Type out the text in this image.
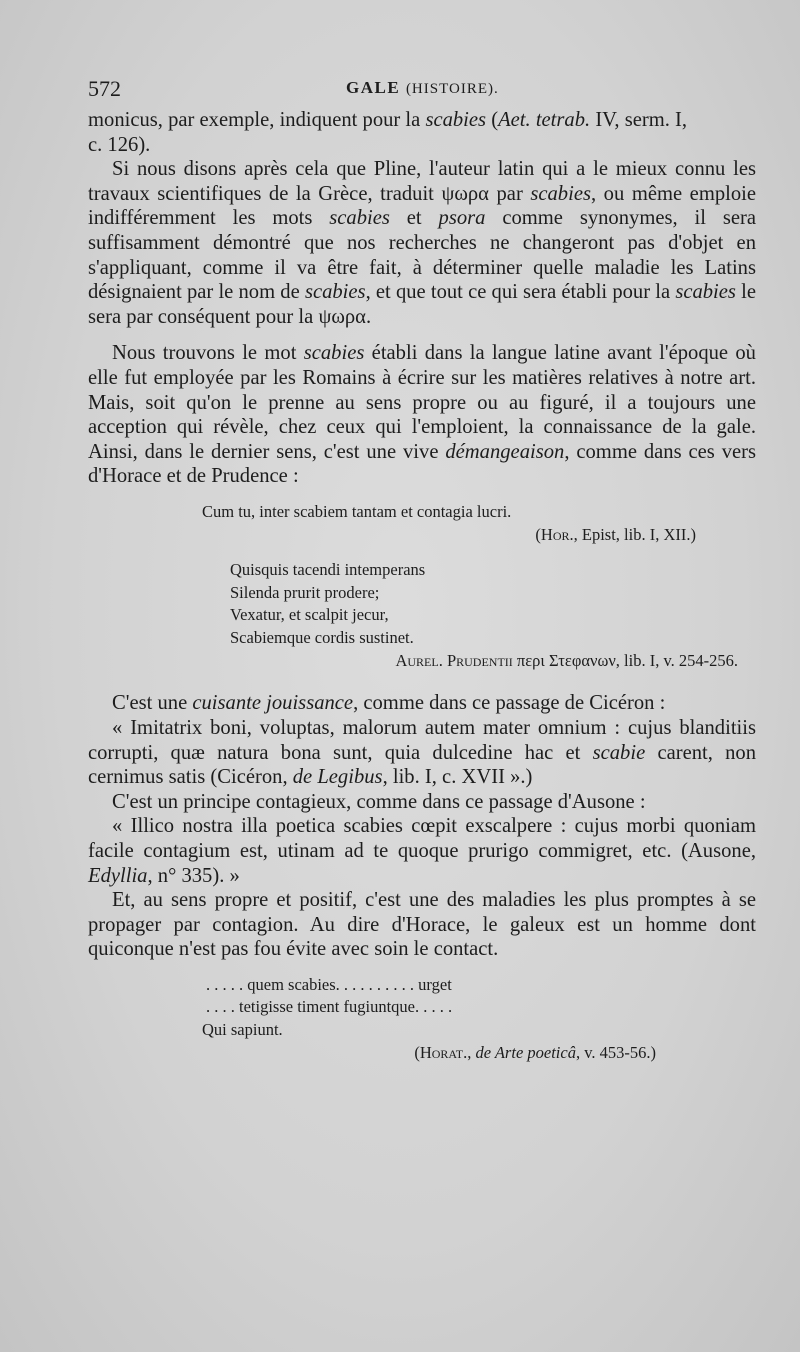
572	GALE (HISTOIRE).

monicus, par exemple, indiquent pour la scabies (Aet. tetrab. IV, serm. I,
c. 126).

Si nous disons après cela que Pline, l'auteur latin qui a le mieux connu les travaux scientifiques de la Grèce, traduit ψωρα par scabies, ou même emploie indifféremment les mots scabies et psora comme synonymes, il sera suffisamment démontré que nos recherches ne changeront pas d'objet en s'appliquant, comme il va être fait, à déterminer quelle maladie les Latins désignaient par le nom de scabies, et que tout ce qui sera établi pour la scabies le sera par conséquent pour la ψωρα.

Nous trouvons le mot scabies établi dans la langue latine avant l'époque où elle fut employée par les Romains à écrire sur les matières relatives à notre art. Mais, soit qu'on le prenne au sens propre ou au figuré, il a toujours une acception qui révèle, chez ceux qui l'emploient, la connaissance de la gale. Ainsi, dans le dernier sens, c'est une vive démangeaison, comme dans ces vers d'Horace et de Prudence :

Cum tu, inter scabiem tantam et contagia lucri.
(Hor., Epist, lib. I, XII.)
Quisquis tacendi intemperans
Silenda prurit prodere;
Vexatur, et scalpit jecur,
Scabiemque cordis sustinet.
Aurel. Prudentii περι Στεφανων, lib. I, v. 254-256.

C'est une cuisante jouissance, comme dans ce passage de Cicéron :

« Imitatrix boni, voluptas, malorum autem mater omnium : cujus blanditiis corrupti, quæ natura bona sunt, quia dulcedine hac et scabie carent, non cernimus satis (Cicéron, de Legibus, lib. I, c. XVII ».)

C'est un principe contagieux, comme dans ce passage d'Ausone :

« Illico nostra illa poetica scabies cœpit exscalpere : cujus morbi quoniam facile contagium est, utinam ad te quoque prurigo commigret, etc. (Ausone, Edyllia, n° 335). »

Et, au sens propre et positif, c'est une des maladies les plus promptes à se propager par contagion. Au dire d'Horace, le galeux est un homme dont quiconque n'est pas fou évite avec soin le contact.

. . . . . quem scabies. . . . . . . . . . urget
. . . . tetigisse timent fugiuntque. . . . .
Qui sapiunt.
(Horat., de Arte poeticâ, v. 453-56.)
